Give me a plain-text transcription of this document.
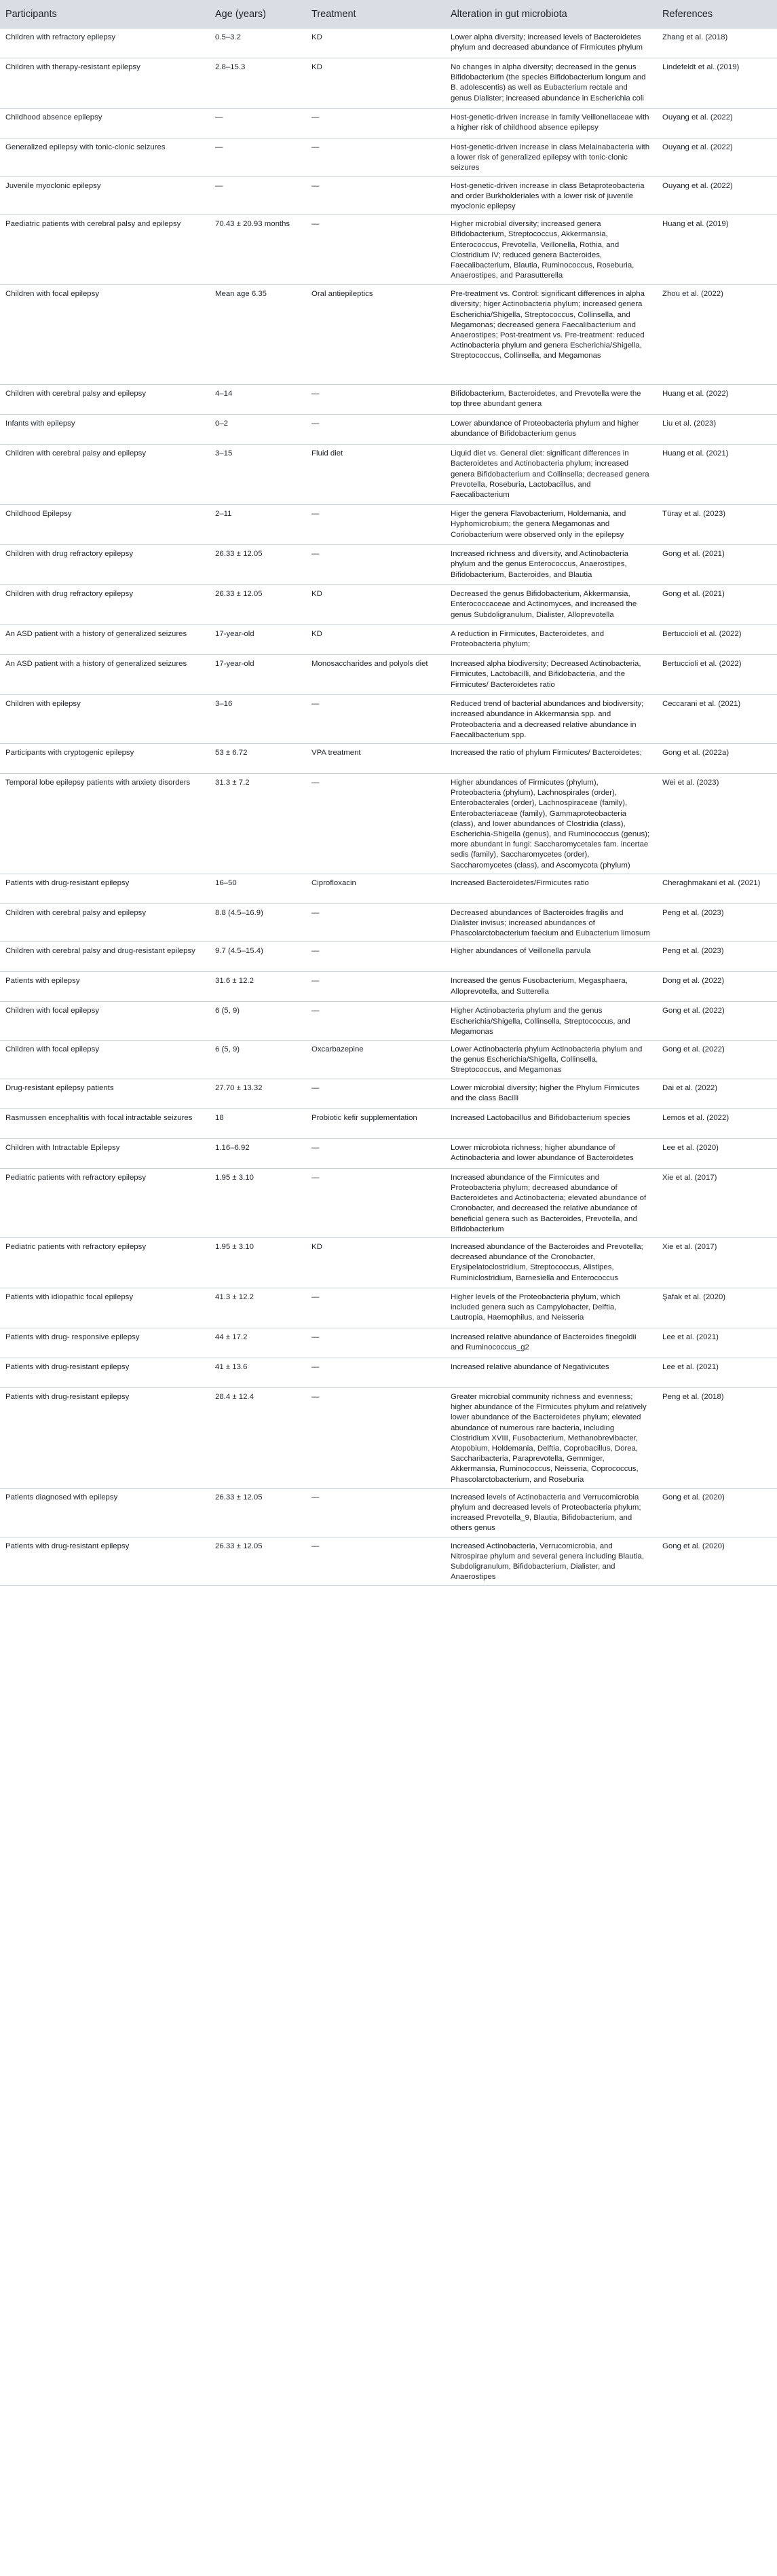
Participants	Age (years)	Treatment	Alteration in gut microbiota	References
Children with refractory epilepsy	0.5–3.2	KD	Lower alpha diversity; increased levels of Bacteroidetes phylum and decreased abundance of Firmicutes phylum	Zhang et al. (2018)
Children with therapy-resistant epilepsy	2.8–15.3	KD	No changes in alpha diversity; decreased in the genus Bifidobacterium (the species Bifidobacterium longum and B. adolescentis) as well as Eubacterium rectale and genus Dialister; increased abundance in Escherichia coli	Lindefeldt et al. (2019)
Childhood absence epilepsy	—	—	Host-genetic-driven increase in family Veillonellaceae with a higher risk of childhood absence epilepsy	Ouyang et al. (2022)
Generalized epilepsy with tonic-clonic seizures	—	—	Host-genetic-driven increase in class Melainabacteria with a lower risk of generalized epilepsy with tonic-clonic seizures	Ouyang et al. (2022)
Juvenile myoclonic epilepsy	—	—	Host-genetic-driven increase in class Betaproteobacteria and order Burkholderiales with a lower risk of juvenile myoclonic epilepsy	Ouyang et al. (2022)
Paediatric patients with cerebral palsy and epilepsy	70.43 ± 20.93 months	—	Higher microbial diversity; increased genera Bifidobacterium, Streptococcus, Akkermansia, Enterococcus, Prevotella, Veillonella, Rothia, and Clostridium IV; reduced genera Bacteroides, Faecalibacterium, Blautia, Ruminococcus, Roseburia, Anaerostipes, and Parasutterella	Huang et al. (2019)
Children with focal epilepsy	Mean age 6.35	Oral antiepileptics	Pre-treatment vs. Control: significant differences in alpha diversity; higer Actinobacteria phylum; increased genera Escherichia/Shigella, Streptococcus, Collinsella, and Megamonas; decreased genera Faecalibacterium and Anaerostipes; Post-treatment vs. Pre-treatment: reduced Actinobacteria phylum and genera Escherichia/Shigella, Streptococcus, Collinsella, and Megamonas	Zhou et al. (2022)
Children with cerebral palsy and epilepsy	4–14	—	Bifidobacterium, Bacteroidetes, and Prevotella were the top three abundant genera	Huang et al. (2022)
Infants with epilepsy	0–2	—	Lower abundance of Proteobacteria phylum and higher abundance of Bifidobacterium genus	Liu et al. (2023)
Children with cerebral palsy and epilepsy	3–15	Fluid diet	Liquid diet vs. General diet: significant differences in Bacteroidetes and Actinobacteria phylum; increased genera Bifidobacterium and Collinsella; decreased genera Prevotella, Roseburia, Lactobacillus, and Faecalibacterium	Huang et al. (2021)
Childhood Epilepsy	2–11	—	Higer the genera Flavobacterium, Holdemania, and Hyphomicrobium; the genera Megamonas and Coriobacterium were observed only in the epilepsy	Türay et al. (2023)
Children with drug refractory epilepsy	26.33 ± 12.05	—	Increased richness and diversity, and Actinobacteria phylum and the genus Enterococcus, Anaerostipes, Bifidobacterium, Bacteroides, and Blautia	Gong et al. (2021)
Children with drug refractory epilepsy	26.33 ± 12.05	KD	Decreased the genus Bifidobacterium, Akkermansia, Enterococcaceae and Actinomyces, and increased the genus Subdoligranulum, Dialister, Alloprevotella	Gong et al. (2021)
An ASD patient with a history of generalized seizures	17-year-old	KD	A reduction in Firmicutes, Bacteroidetes, and Proteobacteria phylum;	Bertuccioli et al. (2022)
An ASD patient with a history of generalized seizures	17-year-old	Monosaccharides and polyols diet	Increased alpha biodiversity; Decreased Actinobacteria, Firmicutes, Lactobacilli, and Bifidobacteria, and the Firmicutes/ Bacteroidetes ratio	Bertuccioli et al. (2022)
Children with epilepsy	3–16	—	Reduced trend of bacterial abundances and biodiversity; increased abundance in Akkermansia spp. and Proteobacteria and a decreased relative abundance in Faecalibacterium spp.	Ceccarani et al. (2021)
Participants with cryptogenic epilepsy	53 ± 6.72	VPA treatment	Increased the ratio of phylum Firmicutes/ Bacteroidetes;	Gong et al. (2022a)
Temporal lobe epilepsy patients with anxiety disorders	31.3 ± 7.2	—	Higher abundances of Firmicutes (phylum), Proteobacteria (phylum), Lachnospirales (order), Enterobacterales (order), Lachnospiraceae (family), Enterobacteriaceae (family), Gammaproteobacteria (class), and lower abundances of Clostridia (class), Escherichia-Shigella (genus), and Ruminococcus (genus); more abundant in fungi: Saccharomycetales fam. incertae sedis (family), Saccharomycetes (order), Saccharomycetes (class), and Ascomycota (phylum)	Wei et al. (2023)
Patients with drug-resistant epilepsy	16–50	Ciprofloxacin	Increased Bacteroidetes/Firmicutes ratio	Cheraghmakani et al. (2021)
Children with cerebral palsy and epilepsy	8.8 (4.5–16.9)	—	Decreased abundances of Bacteroides fragilis and Dialister invisus; increased abundances of Phascolarctobacterium faecium and Eubacterium limosum	Peng et al. (2023)
Children with cerebral palsy and drug-resistant epilepsy	9.7 (4.5–15.4)	—	Higher abundances of Veillonella parvula	Peng et al. (2023)
Patients with epilepsy	31.6 ± 12.2	—	Increased the genus Fusobacterium, Megasphaera, Alloprevotella, and Sutterella	Dong et al. (2022)
Children with focal epilepsy	6 (5, 9)	—	Higher Actinobacteria phylum and the genus Escherichia/Shigella, Collinsella, Streptococcus, and Megamonas	Gong et al. (2022)
Children with focal epilepsy	6 (5, 9)	Oxcarbazepine	Lower Actinobacteria phylum Actinobacteria phylum and the genus Escherichia/Shigella, Collinsella, Streptococcus, and Megamonas	Gong et al. (2022)
Drug-resistant epilepsy patients	27.70 ± 13.32	—	Lower microbial diversity; higher the Phylum Firmicutes and the class Bacilli	Dai et al. (2022)
Rasmussen encephalitis with focal intractable seizures	18	Probiotic kefir supplementation	Increased Lactobacillus and Bifidobacterium species	Lemos et al. (2022)
Children with Intractable Epilepsy	1.16–6.92	—	Lower microbiota richness; higher abundance of Actinobacteria and lower abundance of Bacteroidetes	Lee et al. (2020)
Pediatric patients with refractory epilepsy	1.95 ± 3.10	—	Increased abundance of the Firmicutes and Proteobacteria phylum; decreased abundance of Bacteroidetes and Actinobacteria; elevated abundance of Cronobacter, and decreased the relative abundance of beneficial genera such as Bacteroides, Prevotella, and Bifidobacterium	Xie et al. (2017)
Pediatric patients with refractory epilepsy	1.95 ± 3.10	KD	Increased abundance of the Bacteroides and Prevotella; decreased abundance of the Cronobacter, Erysipelatoclostridium, Streptococcus, Alistipes, Ruminiclostridium, Barnesiella and Enterococcus	Xie et al. (2017)
Patients with idiopathic focal epilepsy	41.3 ± 12.2	—	Higher levels of the Proteobacteria phylum, which included genera such as Campylobacter, Delftia, Lautropia, Haemophilus, and Neisseria	Şafak et al. (2020)
Patients with drug- responsive epilepsy	44 ± 17.2	—	Increased relative abundance of Bacteroides finegoldii and Ruminococcus_g2	Lee et al. (2021)
Patients with drug-resistant epilepsy	41 ± 13.6	—	Increased relative abundance of Negativicutes	Lee et al. (2021)
Patients with drug-resistant epilepsy	28.4 ± 12.4	—	Greater microbial community richness and evenness; higher abundance of the Firmicutes phylum and relatively lower abundance of the Bacteroidetes phylum; elevated abundance of numerous rare bacteria, including Clostridium XVIII, Fusobacterium, Methanobrevibacter, Atopobium, Holdemania, Delftia, Coprobacillus, Dorea, Saccharibacteria, Paraprevotella, Gemmiger, Akkermansia, Ruminococcus, Neisseria, Coprococcus, Phascolarctobacterium, and Roseburia	Peng et al. (2018)
Patients diagnosed with epilepsy	26.33 ± 12.05	—	Increased levels of Actinobacteria and Verrucomicrobia phylum and decreased levels of Proteobacteria phylum; increased Prevotella_9, Blautia, Bifidobacterium, and others genus	Gong et al. (2020)
Patients with drug-resistant epilepsy	26.33 ± 12.05	—	Increased Actinobacteria, Verrucomicrobia, and Nitrospirae phylum and several genera including Blautia, Subdoligranulum, Bifidobacterium, Dialister, and Anaerostipes	Gong et al. (2020)
